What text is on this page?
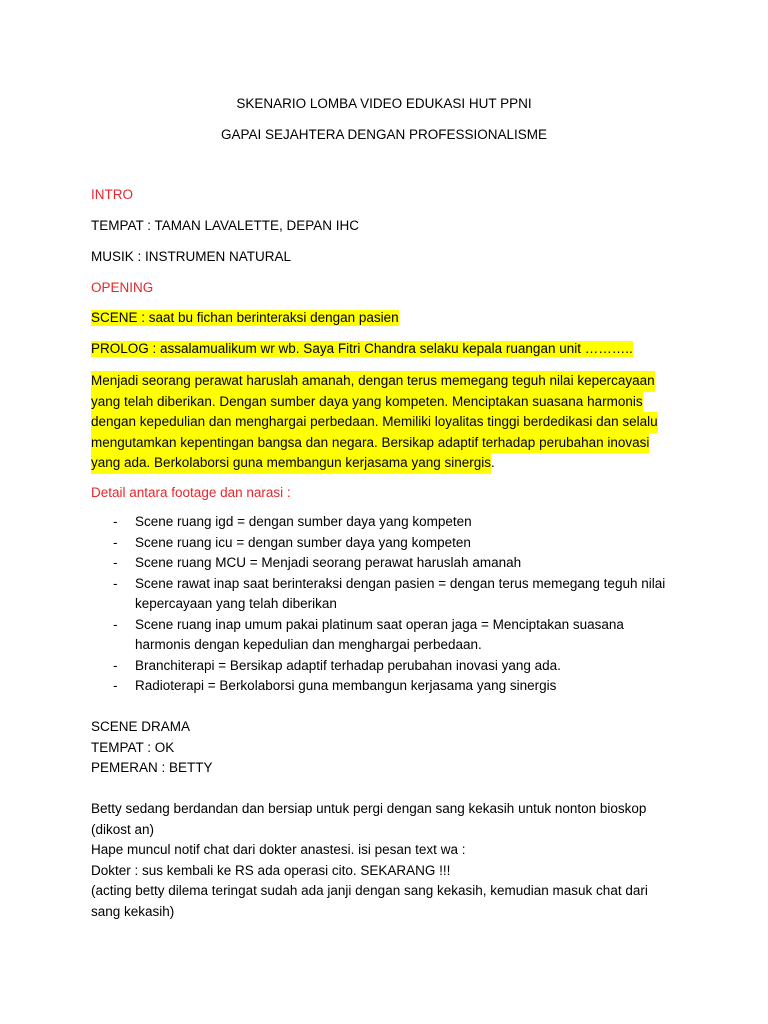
SKENARIO LOMBA VIDEO EDUKASI HUT PPNI
GAPAI SEJAHTERA DENGAN PROFESSIONALISME
INTRO
TEMPAT : TAMAN LAVALETTE, DEPAN IHC
MUSIK : INSTRUMEN NATURAL
OPENING
SCENE : saat bu fichan berinteraksi dengan pasien
PROLOG : assalamualikum wr wb. Saya Fitri Chandra selaku kepala ruangan unit ………..
Menjadi seorang perawat haruslah amanah, dengan terus memegang teguh nilai kepercayaan
yang telah diberikan. Dengan sumber daya yang kompeten. Menciptakan suasana harmonis
dengan kepedulian dan menghargai perbedaan. Memiliki loyalitas tinggi berdedikasi dan selalu
mengutamkan kepentingan bangsa dan negara. Bersikap adaptif terhadap perubahan inovasi
yang ada. Berkolaborsi guna membangun kerjasama yang sinergis.
Detail antara footage dan narasi :
- Scene ruang igd = dengan sumber daya yang kompeten
- Scene ruang icu = dengan sumber daya yang kompeten
- Scene ruang MCU = Menjadi seorang perawat haruslah amanah
- Scene rawat inap saat berinteraksi dengan pasien = dengan terus memegang teguh nilai
kepercayaan yang telah diberikan
- Scene ruang inap umum pakai platinum saat operan jaga = Menciptakan suasana
harmonis dengan kepedulian dan menghargai perbedaan.
- Branchiterapi = Bersikap adaptif terhadap perubahan inovasi yang ada.
- Radioterapi = Berkolaborsi guna membangun kerjasama yang sinergis
SCENE DRAMA
TEMPAT : OK
PEMERAN : BETTY
Betty sedang berdandan dan bersiap untuk pergi dengan sang kekasih untuk nonton bioskop
(dikost an)
Hape muncul notif chat dari dokter anastesi. isi pesan text wa :
Dokter : sus kembali ke RS ada operasi cito. SEKARANG !!!
(acting betty dilema teringat sudah ada janji dengan sang kekasih, kemudian masuk chat dari
sang kekasih)
